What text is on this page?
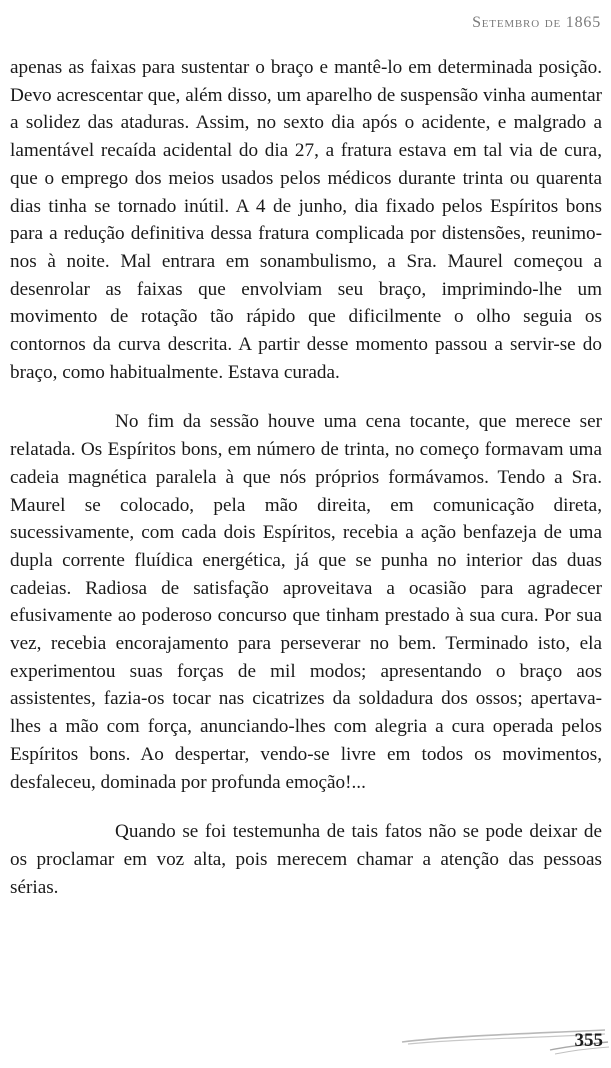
Setembro de 1865

apenas as faixas para sustentar o braço e mantê-lo em determinada posição. Devo acrescentar que, além disso, um aparelho de suspensão vinha aumentar a solidez das ataduras. Assim, no sexto dia após o acidente, e malgrado a lamentável recaída acidental do dia 27, a fratura estava em tal via de cura, que o emprego dos meios usados pelos médicos durante trinta ou quarenta dias tinha se tornado inútil. A 4 de junho, dia fixado pelos Espíritos bons para a redução definitiva dessa fratura complicada por distensões, reunimo-nos à noite. Mal entrara em sonambulismo, a Sra. Maurel começou a desenrolar as faixas que envolviam seu braço, imprimindo-lhe um movimento de rotação tão rápido que dificilmente o olho seguia os contornos da curva descrita. A partir desse momento passou a servir-se do braço, como habitualmente. Estava curada.

No fim da sessão houve uma cena tocante, que merece ser relatada. Os Espíritos bons, em número de trinta, no começo formavam uma cadeia magnética paralela à que nós próprios formávamos. Tendo a Sra. Maurel se colocado, pela mão direita, em comunicação direta, sucessivamente, com cada dois Espíritos, recebia a ação benfazeja de uma dupla corrente fluídica energética, já que se punha no interior das duas cadeias. Radiosa de satisfação aproveitava a ocasião para agradecer efusivamente ao poderoso concurso que tinham prestado à sua cura. Por sua vez, recebia encorajamento para perseverar no bem. Terminado isto, ela experimentou suas forças de mil modos; apresentando o braço aos assistentes, fazia-os tocar nas cicatrizes da soldadura dos ossos; apertava-lhes a mão com força, anunciando-lhes com alegria a cura operada pelos Espíritos bons. Ao despertar, vendo-se livre em todos os movimentos, desfaleceu, dominada por profunda emoção!...

Quando se foi testemunha de tais fatos não se pode deixar de os proclamar em voz alta, pois merecem chamar a atenção das pessoas sérias.

355
